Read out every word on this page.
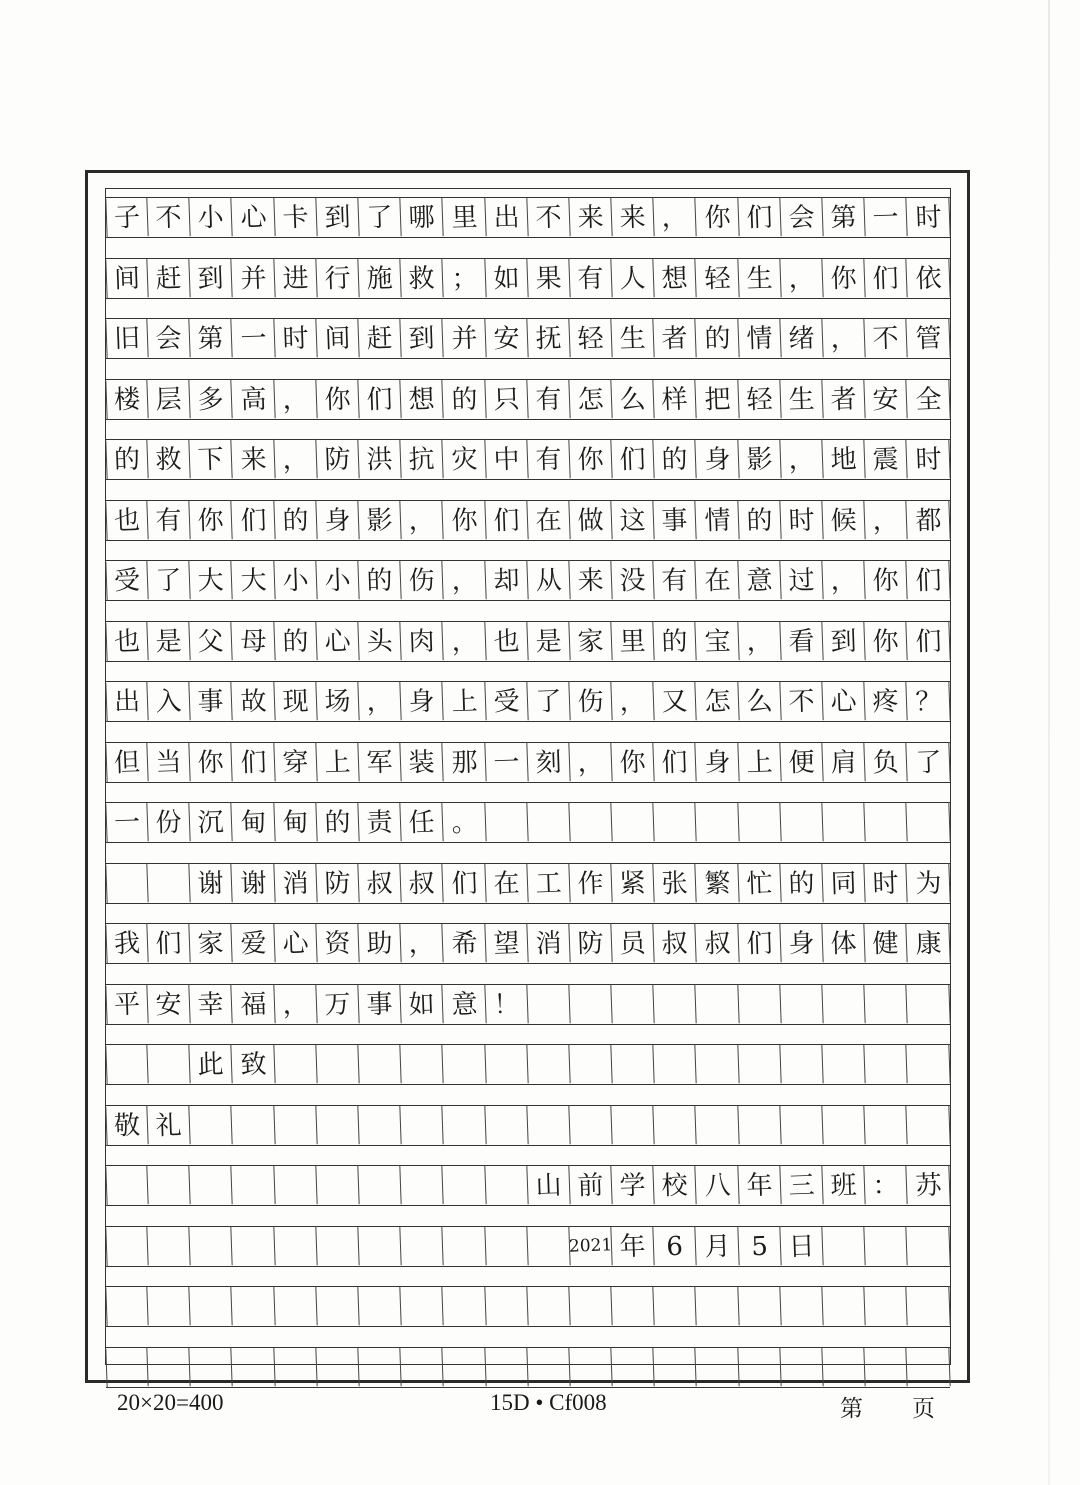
子 不 小 心 卡 到 了 哪 里 出 不 来 来 ， 你 们 会 第 一 时
间 赶 到 并 进 行 施 救 ； 如 果 有 人 想 轻 生 ， 你 们 依
旧 会 第 一 时 间 赶 到 并 安 抚 轻 生 者 的 情 绪 ， 不 管
楼 层 多 高 ， 你 们 想 的 只 有 怎 么 样 把 轻 生 者 安 全
的 救 下 来 ， 防 洪 抗 灾 中 有 你 们 的 身 影 ， 地 震 时
也 有 你 们 的 身 影 ， 你 们 在 做 这 事 情 的 时 候 ， 都
受 了 大 大 小 小 的 伤 ， 却 从 来 没 有 在 意 过 ， 你 们
也 是 父 母 的 心 头 肉 ， 也 是 家 里 的 宝 ， 看 到 你 们
出 入 事 故 现 场 ， 身 上 受 了 伤 ， 又 怎 么 不 心 疼 ？
但 当 你 们 穿 上 军 装 那 一 刻 ， 你 们 身 上 便 肩 负 了
一 份 沉 甸 甸 的 责 任 。
谢 谢 消 防 叔 叔 们 在 工 作 紧 张 繁 忙 的 同 时 为
我 们 家 爱 心 资 助 ， 希 望 消 防 员 叔 叔 们 身 体 健 康
平 安 幸 福 ， 万 事 如 意 ！
此 致
敬 礼
山 前 学 校 八 年 三 班 ： 苏
2021 年 6 月 5 日
20×20=400	15D • Cf008	第 页
